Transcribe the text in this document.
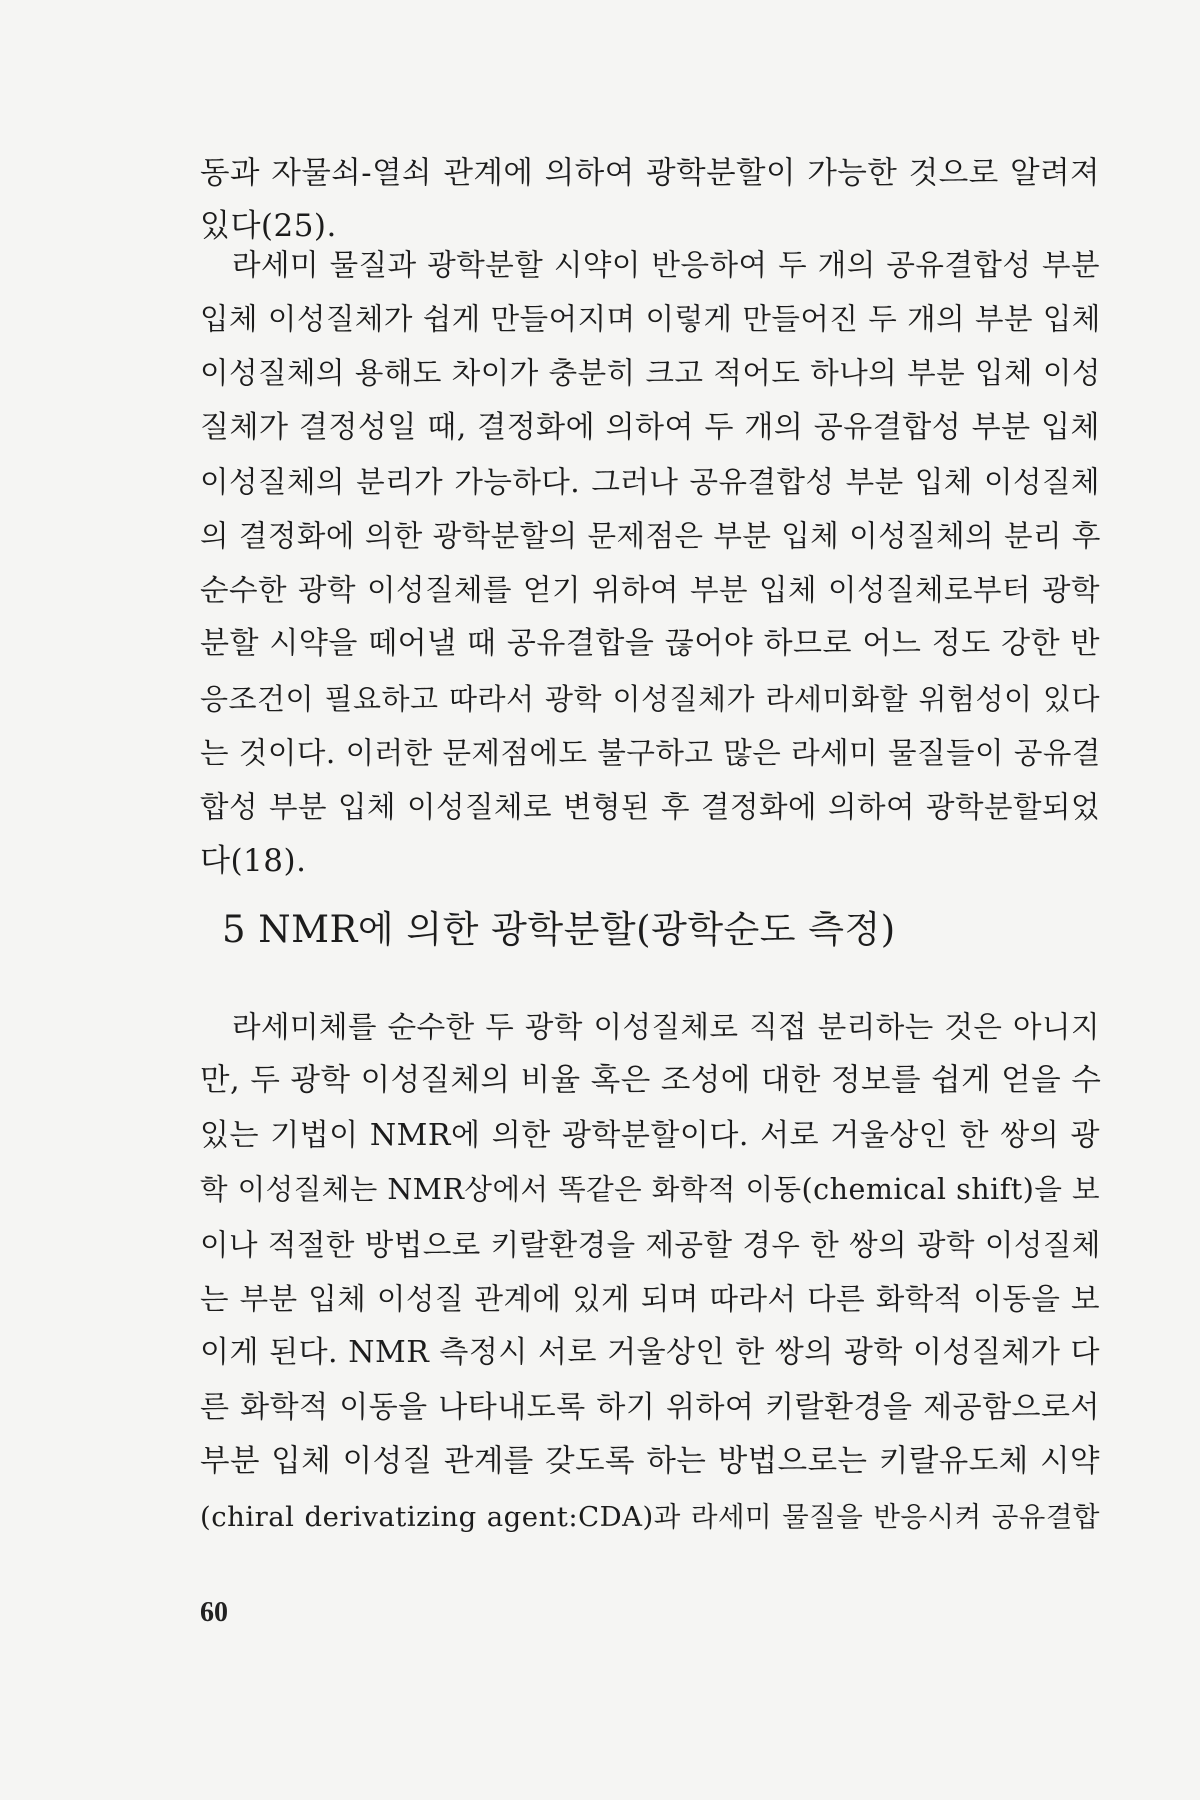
동과 자물쇠-열쇠 관계에 의하여 광학분할이 가능한 것으로 알려져
있다(25).
라세미 물질과 광학분할 시약이 반응하여 두 개의 공유결합성 부분
입체 이성질체가 쉽게 만들어지며 이렇게 만들어진 두 개의 부분 입체
이성질체의 용해도 차이가 충분히 크고 적어도 하나의 부분 입체 이성
질체가 결정성일 때, 결정화에 의하여 두 개의 공유결합성 부분 입체
이성질체의 분리가 가능하다. 그러나 공유결합성 부분 입체 이성질체
의 결정화에 의한 광학분할의 문제점은 부분 입체 이성질체의 분리 후
순수한 광학 이성질체를 얻기 위하여 부분 입체 이성질체로부터 광학
분할 시약을 떼어낼 때 공유결합을 끊어야 하므로 어느 정도 강한 반
응조건이 필요하고 따라서 광학 이성질체가 라세미화할 위험성이 있다
는 것이다. 이러한 문제점에도 불구하고 많은 라세미 물질들이 공유결
합성 부분 입체 이성질체로 변형된 후 결정화에 의하여 광학분할되었
다(18).
5 NMR에 의한 광학분할(광학순도 측정)
라세미체를 순수한 두 광학 이성질체로 직접 분리하는 것은 아니지
만, 두 광학 이성질체의 비율 혹은 조성에 대한 정보를 쉽게 얻을 수
있는 기법이 NMR에 의한 광학분할이다. 서로 거울상인 한 쌍의 광
학 이성질체는 NMR상에서 똑같은 화학적 이동(chemical shift)을 보
이나 적절한 방법으로 키랄환경을 제공할 경우 한 쌍의 광학 이성질체
는 부분 입체 이성질 관계에 있게 되며 따라서 다른 화학적 이동을 보
이게 된다. NMR 측정시 서로 거울상인 한 쌍의 광학 이성질체가 다
른 화학적 이동을 나타내도록 하기 위하여 키랄환경을 제공함으로서
부분 입체 이성질 관계를 갖도록 하는 방법으로는 키랄유도체 시약
(chiral derivatizing agent:CDA)과 라세미 물질을 반응시켜 공유결합
60
